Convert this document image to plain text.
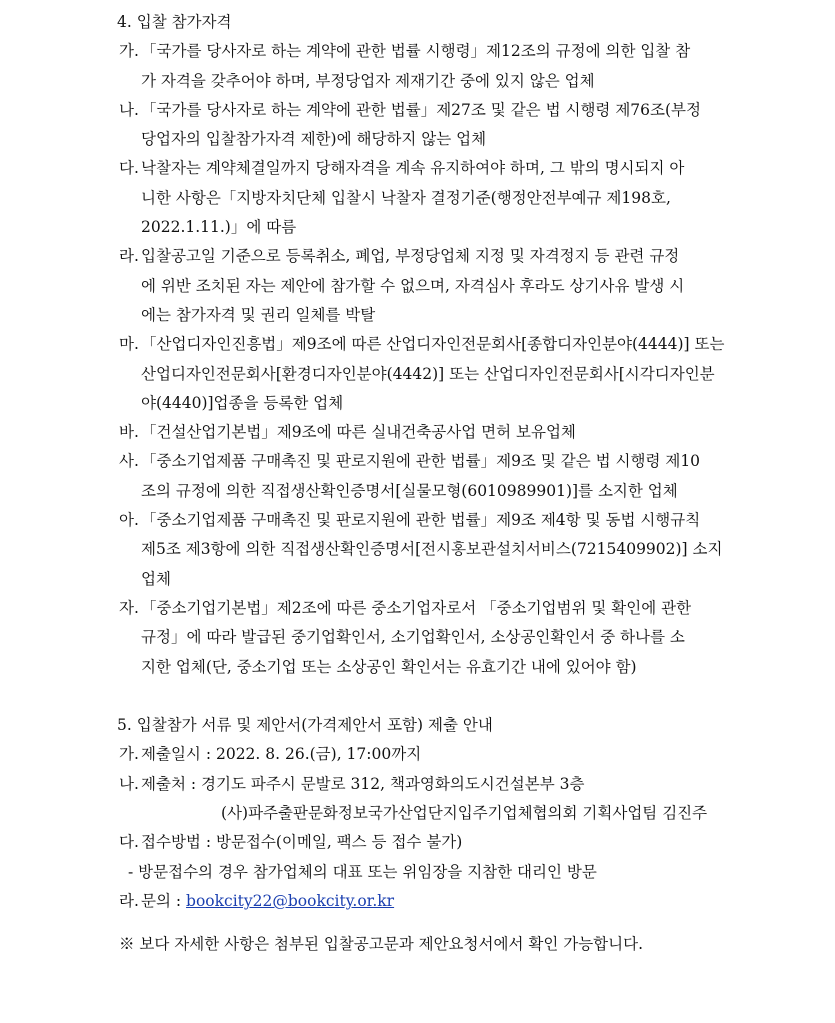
4. 입찰 참가자격
가. 「국가를 당사자로 하는 계약에 관한 법률 시행령」제12조의 규정에 의한 입찰 참
가 자격을 갖추어야 하며, 부정당업자 제재기간 중에 있지 않은 업체
나. 「국가를 당사자로 하는 계약에 관한 법률」제27조 및 같은 법 시행령 제76조(부정
당업자의 입찰참가자격 제한)에 해당하지 않는 업체
다. 낙찰자는 계약체결일까지 당해자격을 계속 유지하여야 하며, 그 밖의 명시되지 아
니한 사항은「지방자치단체 입찰시 낙찰자 결정기준(행정안전부예규 제198호,
2022.1.11.)」에 따름
라. 입찰공고일 기준으로 등록취소, 폐업, 부정당업체 지정 및 자격정지 등 관련 규정
에 위반 조치된 자는 제안에 참가할 수 없으며, 자격심사 후라도 상기사유 발생 시
에는 참가자격 및 권리 일체를 박탈
마. 「산업디자인진흥법」제9조에 따른 산업디자인전문회사[종합디자인분야(4444)] 또는
산업디자인전문회사[환경디자인분야(4442)] 또는 산업디자인전문회사[시각디자인분
야(4440)]업종을 등록한 업체
바. 「건설산업기본법」제9조에 따른 실내건축공사업 면허 보유업체
사. 「중소기업제품 구매촉진 및 판로지원에 관한 법률」제9조 및 같은 법 시행령 제10
조의 규정에 의한 직접생산확인증명서[실물모형(6010989901)]를 소지한 업체
아. 「중소기업제품 구매촉진 및 판로지원에 관한 법률」제9조 제4항 및 동법 시행규칙
제5조 제3항에 의한 직접생산확인증명서[전시홍보관설치서비스(7215409902)] 소지
업체
자. 「중소기업기본법」제2조에 따른 중소기업자로서 「중소기업범위 및 확인에 관한
규정」에 따라 발급된 중기업확인서, 소기업확인서, 소상공인확인서 중 하나를 소
지한 업체(단, 중소기업 또는 소상공인 확인서는 유효기간 내에 있어야 함)
5. 입찰참가 서류 및 제안서(가격제안서 포함) 제출 안내
가. 제출일시 : 2022. 8. 26.(금), 17:00까지
나. 제출처 : 경기도 파주시 문발로 312, 책과영화의도시건설본부 3층
(사)파주출판문화정보국가산업단지입주기업체협의회 기획사업팀 김진주
다. 접수방법 : 방문접수(이메일, 팩스 등 접수 불가)
- 방문접수의 경우 참가업체의 대표 또는 위임장을 지참한 대리인 방문
라. 문의 : bookcity22@bookcity.or.kr
※ 보다 자세한 사항은 첨부된 입찰공고문과 제안요청서에서 확인 가능합니다.
